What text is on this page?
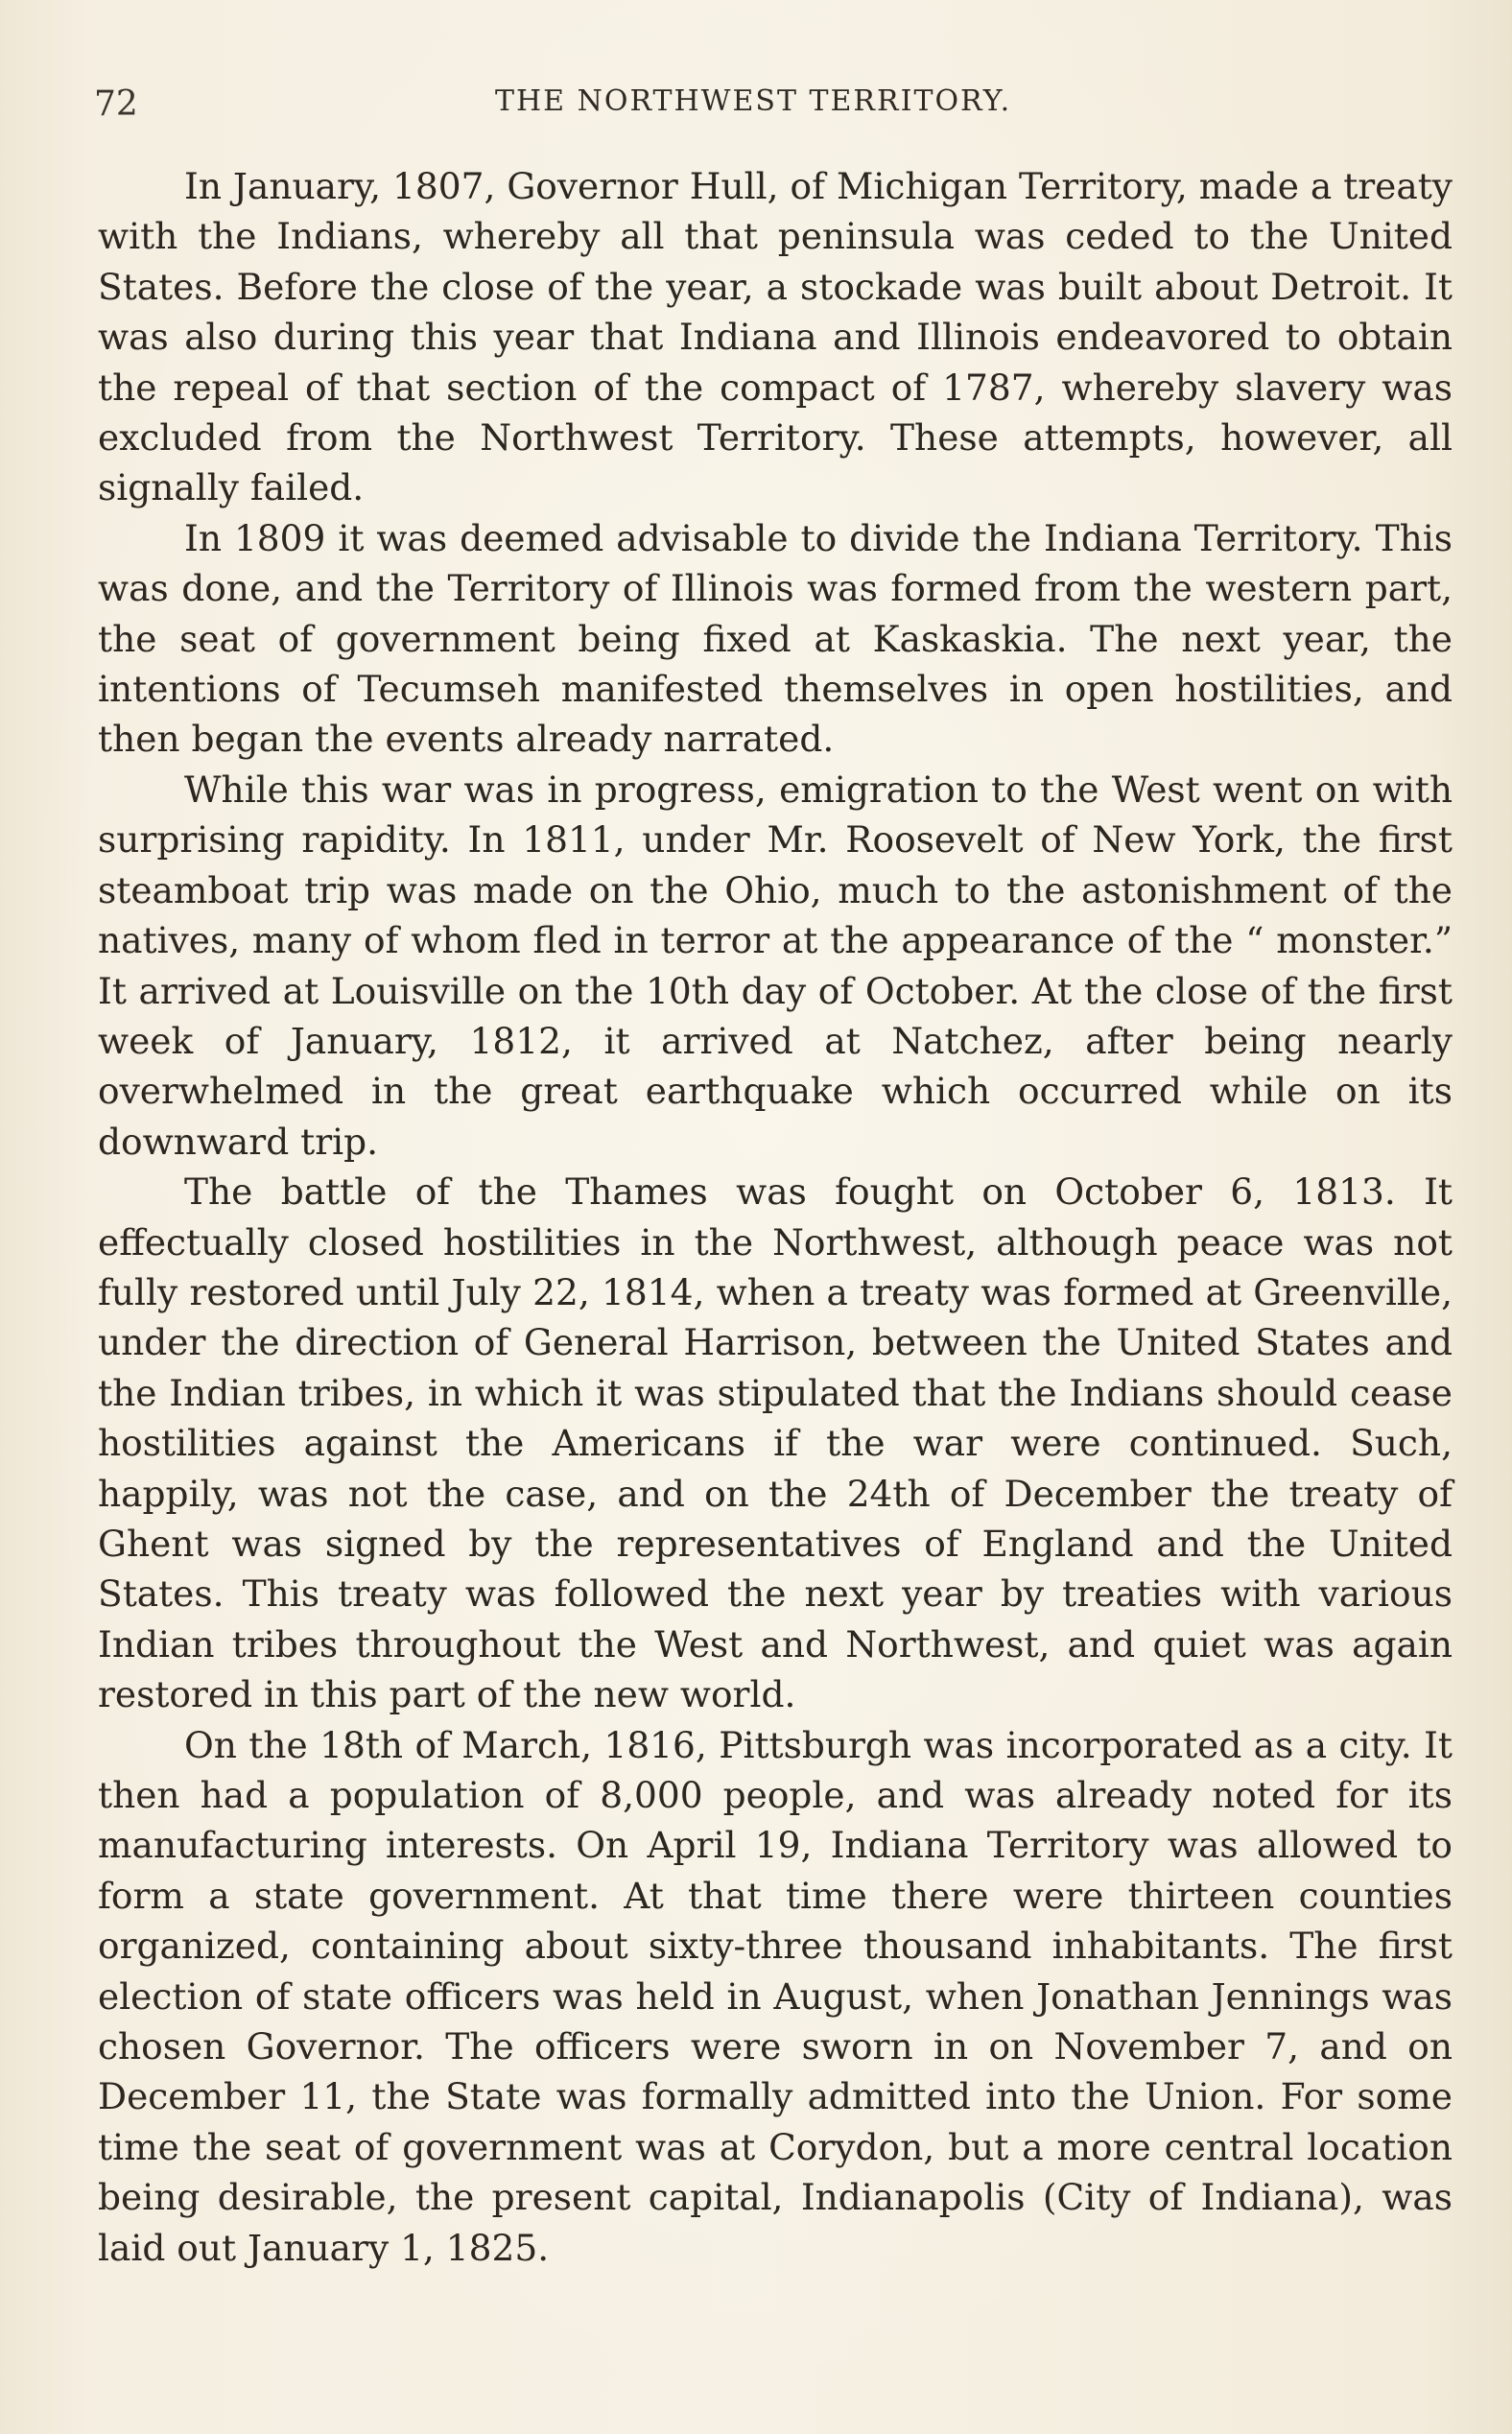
72	THE NORTHWEST TERRITORY.

In January, 1807, Governor Hull, of Michigan Territory, made a treaty with the Indians, whereby all that peninsula was ceded to the United States. Before the close of the year, a stockade was built about Detroit. It was also during this year that Indiana and Illinois endeavored to obtain the repeal of that section of the compact of 1787, whereby slavery was excluded from the Northwest Territory. These attempts, however, all signally failed.

In 1809 it was deemed advisable to divide the Indiana Territory. This was done, and the Territory of Illinois was formed from the western part, the seat of government being fixed at Kaskaskia. The next year, the intentions of Tecumseh manifested themselves in open hostilities, and then began the events already narrated.

While this war was in progress, emigration to the West went on with surprising rapidity. In 1811, under Mr. Roosevelt of New York, the first steamboat trip was made on the Ohio, much to the astonishment of the natives, many of whom fled in terror at the appearance of the “ monster.” It arrived at Louisville on the 10th day of October. At the close of the first week of January, 1812, it arrived at Natchez, after being nearly overwhelmed in the great earthquake which occurred while on its downward trip.

The battle of the Thames was fought on October 6, 1813. It effectually closed hostilities in the Northwest, although peace was not fully restored until July 22, 1814, when a treaty was formed at Greenville, under the direction of General Harrison, between the United States and the Indian tribes, in which it was stipulated that the Indians should cease hostilities against the Americans if the war were continued. Such, happily, was not the case, and on the 24th of December the treaty of Ghent was signed by the representatives of England and the United States. This treaty was followed the next year by treaties with various Indian tribes throughout the West and Northwest, and quiet was again restored in this part of the new world.

On the 18th of March, 1816, Pittsburgh was incorporated as a city. It then had a population of 8,000 people, and was already noted for its manufacturing interests. On April 19, Indiana Territory was allowed to form a state government. At that time there were thirteen counties organized, containing about sixty-three thousand inhabitants. The first election of state officers was held in August, when Jonathan Jennings was chosen Governor. The officers were sworn in on November 7, and on December 11, the State was formally admitted into the Union. For some time the seat of government was at Corydon, but a more central location being desirable, the present capital, Indianapolis (City of Indiana), was laid out January 1, 1825.
